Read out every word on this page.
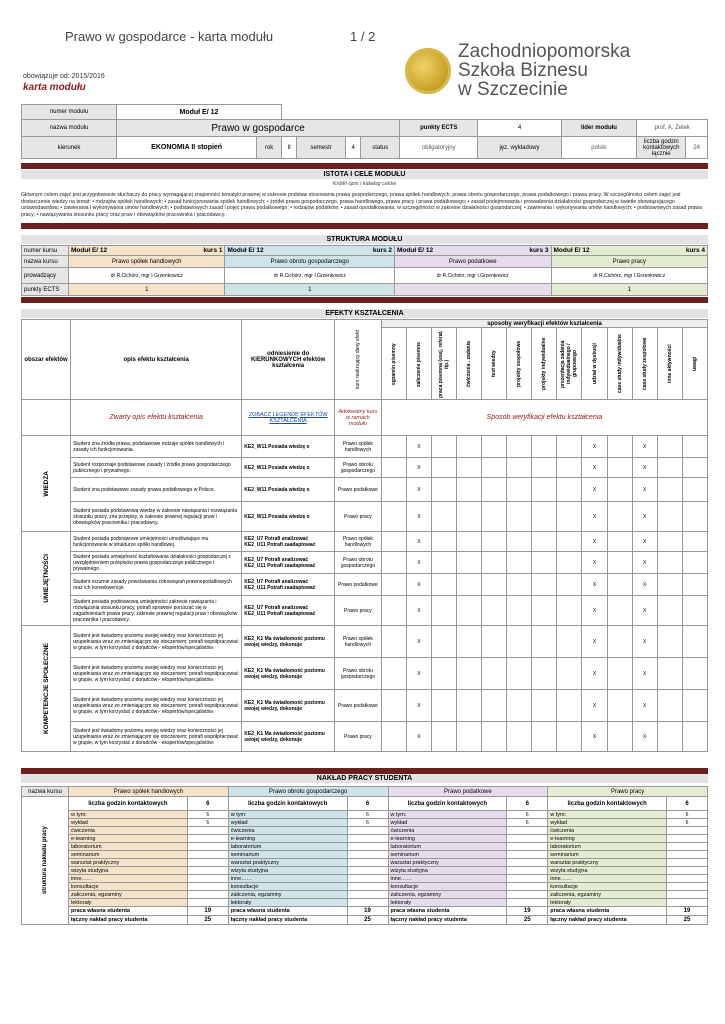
Prawo w gospodarce - karta modułu	1 / 2
Zachodniopomorska
Szkoła Biznesu
w Szczecinie
obowiązuje od: 2015/2016
karta modułu
numer modułu	Moduł E/ 12										
nazwa modułu	Prawo w gospodarce						punkty ECTS	4	lider modułu	prof. A. Żelek	
kierunek	EKONOMIA II stopień	rok	II	semestr	4	status	obligatoryjny	jęz. wykładowy	polski	liczba godzin kontaktowych łącznie	24
ISTOTA I CELE MODUŁU
Krótki opis i katalog celów
Głównym celem zajęć jest przygotowanie słuchaczy do pracy wymagającej znajomości tematyki prawnej w zakresie podstaw stosowania prawa gospodarczego, prawa spółek handlowych, prawa obrotu gospodarczego, prawa podatkowego i prawa pracy. W szczególności celem zajęć jest dostarczenie wiedzy na temat: • rodzajów spółek handlowych; • zasad funkcjonowania spółek handlowych; • źródeł prawa gospodarczego, prawa handlowego, prawa pracy i prawa podatkowego; • zasad podejmowania i prowadzenia działalności gospodarczej w świetle obowiązującego ustawodawstwa; • zawierania i wykonywania umów handlowych; • podstawowych zasad i pojęć prawa podatkowego; • rodzajów podatków; • zasad opodatkowania, w szczególności w zakresie działalności gospodarczej; • zawierania i wykonywania umów handlowych; • podstawowych zasad prawa pracy; • nawiązywania stosunku pracy oraz praw i obowiązków pracownika i pracodawcy.
STRUKTURA MODUŁU
numer kursu	Moduł E/ 12	kurs 1	Moduł E/ 12	kurs 2	Moduł E/ 12	kurs 3	Moduł E/ 12	kurs 4
nazwa kursu	Prawo spółek handlowych		Prawo obrotu gospodarczego		Prawo podatkowe		Prawo pracy	
prowadzący	dr R.Cichórz, mgr I.Grzenkowicz		dr R.Cichórz, mgr I.Grzenkowicz		dr R.Cichórz, mgr I.Grzenkowicz		dr R.Cichórz, mgr I.Grzenkowicz	
punkty ECTS	1		1				1	
EFEKTY KSZTAŁCENIA
obszar efektów	opis efektu kształcenia	odniesienie do KIERUNKOWYCH efektów kształcenia	kurs realizujący dany efekt	sposoby weryfikacji efektów kształcenia												

				egzamin pisemny	zaliczenie pisemne	praca pisemna (esej, referat, itp.)	ćwiczenia , zadania	test wiedzy	projekty zespołowe	projekty indywidualne	prezentacja zadania indywidualnego / grupowego	udział w dyskusji	case study indywidualne	case study zespołowe	inne aktywności	uwagi

	Zwarty opis efektu kształcenia	ZOBACZ LEGENDĘ EFEKTÓW KSZTAŁCENIA	Adekwatny kurs w ramach modułu	Sposób weryfikacji efektu kształcenia												

WIEDZA	Student zna źródła prawa, podstawowe rodzaje spółek handlowych i zasady ich funkcjonowania.	KE2_W11 Posiada wiedzę o	Prawo spółek handlowych		X							X		X		
	Student rozpoznaje podstawowe zasady i źródła prawa gospodarczego publicznego i prywatnego.	KE2_W11 Posiada wiedzę o	Prawo obrotu gospodarczego		X							X		X		
	Student zna podstawowe zasady prawa podatkowego w Polsce.	KE2_W11 Posiada wiedzę o	Prawo podatkowe		X							X		X		
	Student posiada podstawową wiedzę w zakresie nawiązania i rozwiązania stosunku pracy, zna przepisy, w zakresie prawnej regulacji praw i obowiązków pracownika i pracodawcy.	KE2_W11 Posiada wiedzę o	Prawo pracy		X							X		X		

UMIEJĘTNOŚCI	Student posiada podstawowe umiejętności umożliwiające mu funkcjonowanie w strukturze spółki handlowej.	KE2_U7 Potrafi analizować
KE2_U11 Potrafi zaadaptować	Prawo spółek handlowych		X							X		X		
	Student posiada umiejętność kształtowania działalności gospodarczej z uwzględnieniem przepisów prawa gospodarczego publicznego i prywatnego.	KE2_U7 Potrafi analizować
KE2_U11 Potrafi zaadaptować	Prawo obrotu gospodarczego		X							X		X		
	Student rozumie zasady powstawania zobowiązań prawnopodatkowych oraz ich konsekwencje.	KE2_U7 Potrafi analizować
KE2_U11 Potrafi zaadaptować	Prawo podatkowe		X							X		X		
	Student posiada podstawową umiejętności zakresie nawiązania i rozwiązania stosunku pracy, potrafi sprawnie poruszać się w zagadnieniach prawa pracy, zakresie prawnej regulacji praw i obowiązków pracownika i pracodawcy.	KE2_U7 Potrafi analizować
KE2_U11 Potrafi zaadaptować	Prawo pracy		X							X		X		

KOMPETENCJE SPOŁECZNE	Student jest świadomy poziomu swojej wiedzy oraz konieczności jej uzupełniania wraz ze zmieniającym się otoczeniem; potrafi współpracować w grupie, w tym korzystać z doradców - ekspertów/specjalistów.	KE2_K1 Ma świadomość poziomu swojej wiedzy, dokonuje	Prawo spółek handlowych		X							X		X		
	Student jest świadomy poziomu swojej wiedzy oraz konieczności jej uzupełniania wraz ze zmieniającym się otoczeniem; potrafi współpracować w grupie, w tym korzystać z doradców - ekspertów/specjalistów.	KE2_K1 Ma świadomość poziomu swojej wiedzy, dokonuje	Prawo obrotu gospodarczego		X							X		X		
	Student jest świadomy poziomu swojej wiedzy oraz konieczności jej uzupełniania wraz ze zmieniającym się otoczeniem; potrafi współpracować w grupie, w tym korzystać z doradców - ekspertów/specjalistów.	KE2_K1 Ma świadomość poziomu swojej wiedzy, dokonuje	Prawo podatkowe		X							X		X		
	Student jest świadomy poziomu swojej wiedzy oraz konieczności jej uzupełniania wraz ze zmieniającym się otoczeniem; potrafi współpracować w grupie, w tym korzystać z doradców - ekspertów/specjalistów.	KE2_K1 Ma świadomość poziomu swojej wiedzy, dokonuje	Prawo pracy		X							X		X		
NAKŁAD PRACY STUDENTA
nazwa kursu	Prawo spółek handlowych		Prawo obrotu gospodarczego		Prawo podatkowe		Prawo pracy	

struktura nakładu pracy	liczba godzin kontaktowych	6	liczba godzin kontaktowych	6	liczba godzin kontaktowych	6	liczba godzin kontaktowych	6
	w tym:	6	w tym:	6	w tym:	6	w tym:	6
	wykład	6	wykład	6	wykład	6	wykład	6
	ćwiczenia		ćwiczenia		ćwiczenia		ćwiczenia	
	e-learning		e-learning		e-learning		e-learning	
	laboratorium		laboratorium		laboratorium		laboratorium	
	seminarium		seminarium		seminarium		seminarium	
	warsztat praktyczny		warsztat praktyczny		warsztat praktyczny		warsztat praktyczny	
	wizyta studyjna		wizyta studyjna		wizyta studyjna		wizyta studyjna	
	inne……		inne……		inne……		inne……	
	konsultacje		konsultacje		konsultacje		konsultacje	
	zaliczenia, egzaminy		zaliczenia, egzaminy		zaliczenia, egzaminy		zaliczenia, egzaminy	
	lektorały		lektorały		lektorały		lektorały	
	praca własna studenta	19	praca własna studenta	19	praca własna studenta	19	praca własna studenta	19
	łączny nakład pracy studenta	25	łączny nakład pracy studenta	25	łączny nakład pracy studenta	25	łączny nakład pracy studenta	25
